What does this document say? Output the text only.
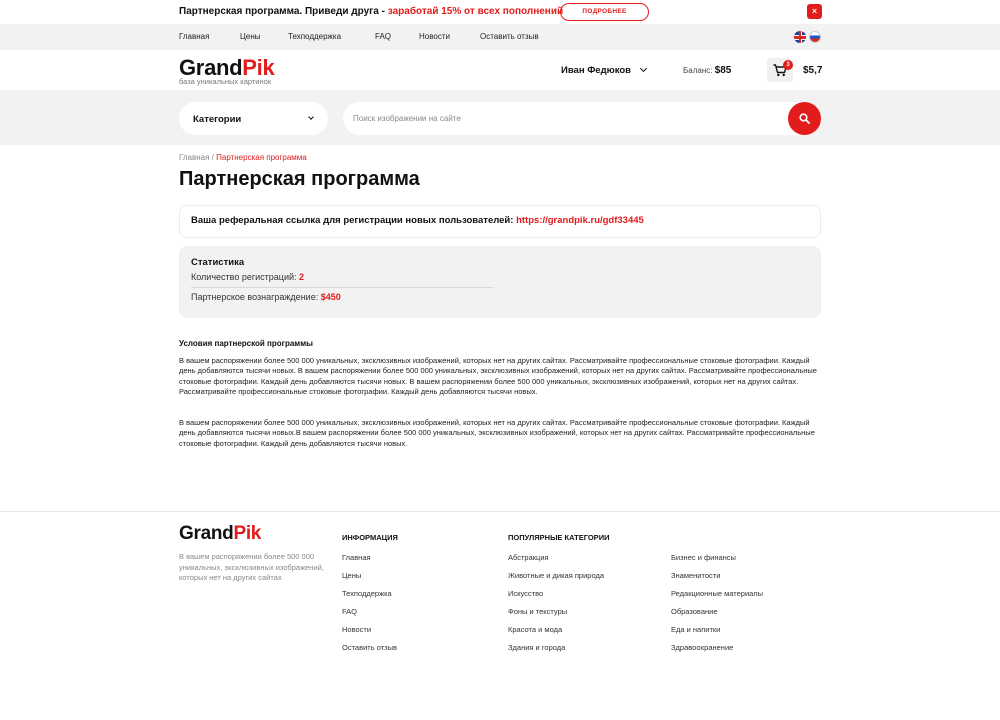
Партнерская программа. Приведи друга - заработай 15% от всех пополнений	ПОДРОБНЕЕ	×
Главная	Цены	Техподдержка	FAQ	Новости	Оставить отзыв
GrandPik
база уникальных картинок
Иван Федюков	Баланс: $85	3	$5,7
Категории
Поиск изображении на сайте
Главная / Партнерская программа
Партнерская программа
Ваша реферальная ссылка для регистрации новых пользователей: https://grandpik.ru/gdf33445
Статистика
Количество регистраций: 2
Партнерское вознаграждение: $450
Условия партнерской программы
В вашем распоряжении более 500 000 уникальных, эксклюзивных изображений, которых нет на других сайтах. Рассматривайте профессиональные стоковые фотографии. Каждый день добавляются тысячи новых. В вашем распоряжении более 500 000 уникальных, эксклюзивных изображений, которых нет на других сайтах. Рассматривайте профессиональные стоковые фотографии. Каждый день добавляются тысячи новых. В вашем распоряжении более 500 000 уникальных, эксклюзивных изображений, которых нет на других сайтах. Рассматривайте профессиональные стоковые фотографии. Каждый день добавляются тысячи новых.
В вашем распоряжении более 500 000 уникальных, эксклюзивных изображений, которых нет на других сайтах. Рассматривайте профессиональные стоковые фотографии. Каждый день добавляются тысячи новых.В вашем распоряжении более 500 000 уникальных, эксклюзивных изображений, которых нет на других сайтах. Рассматривайте профессиональные стоковые фотографии. Каждый день добавляются тысячи новых.
GrandPik
В вашем распоряжении более 500 000 уникальных, эксклюзивных изображений, которых нет на других сайтах
ИНФОРМАЦИЯ
Главная
Цены
Техподдержка
FAQ
Новости
Оставить отзыв
ПОПУЛЯРНЫЕ КАТЕГОРИИ
Абстракция
Животные и дикая природа
Искусство
Фоны и текстуры
Красота и мода
Здания и города
Бизнес и финансы
Знаменитости
Редакционные материалы
Образование
Еда и напитки
Здравоохранение
